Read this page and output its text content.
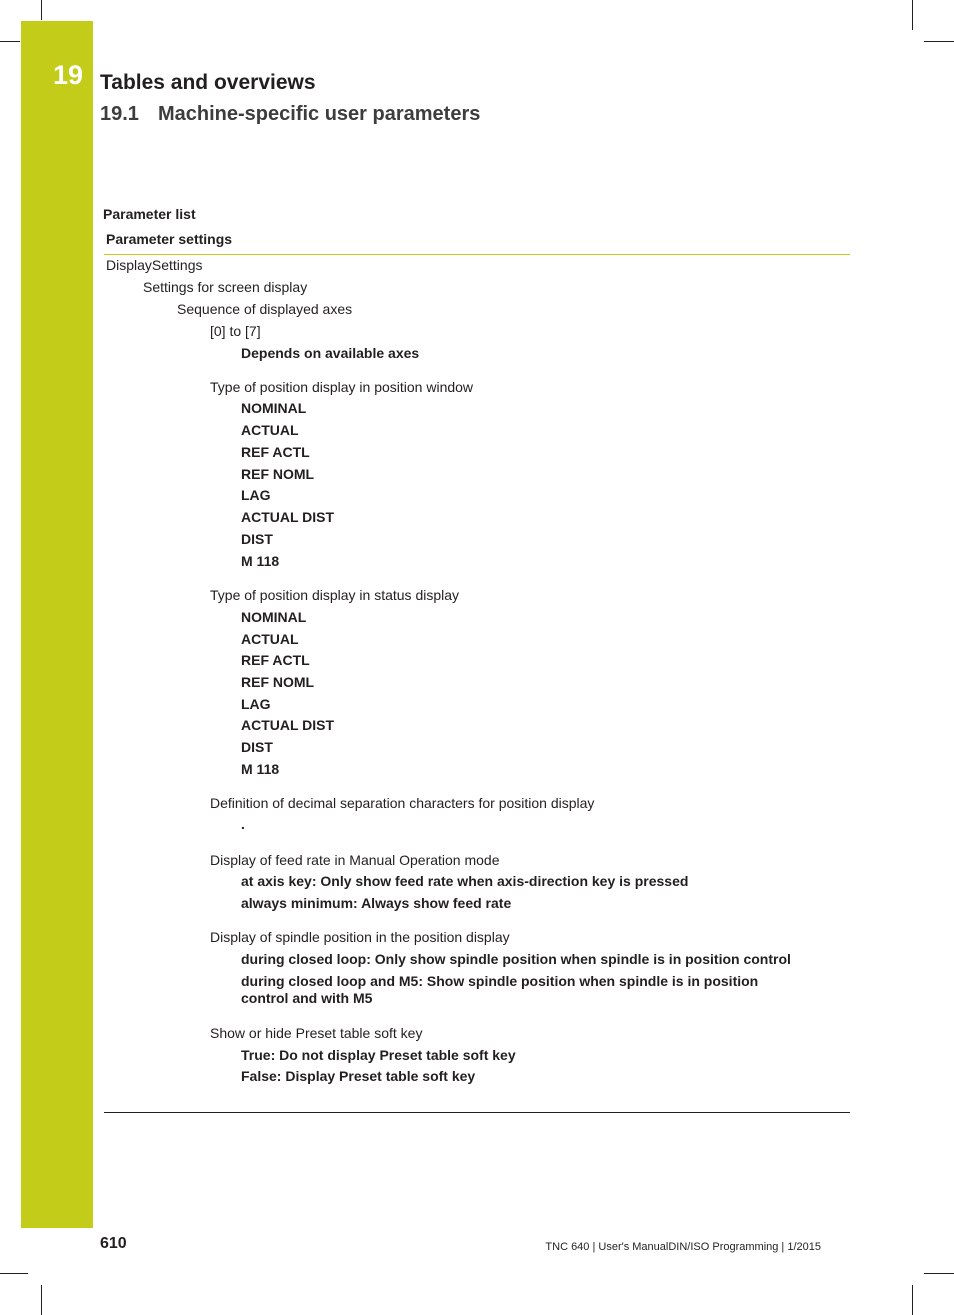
19 Tables and overviews
19.1 Machine-specific user parameters
Parameter list
Parameter settings
DisplaySettings
Settings for screen display
Sequence of displayed axes
[0] to [7]
Depends on available axes
Type of position display in position window
NOMINAL
ACTUAL
REF ACTL
REF NOML
LAG
ACTUAL DIST
DIST
M 118
Type of position display in status display
NOMINAL
ACTUAL
REF ACTL
REF NOML
LAG
ACTUAL DIST
DIST
M 118
Definition of decimal separation characters for position display
.
Display of feed rate in Manual Operation mode
at axis key: Only show feed rate when axis-direction key is pressed
always minimum: Always show feed rate
Display of spindle position in the position display
during closed loop: Only show spindle position when spindle is in position control
during closed loop and M5: Show spindle position when spindle is in position
control and with M5
Show or hide Preset table soft key
True: Do not display Preset table soft key
False: Display Preset table soft key
610	TNC 640 | User's ManualDIN/ISO Programming | 1/2015
